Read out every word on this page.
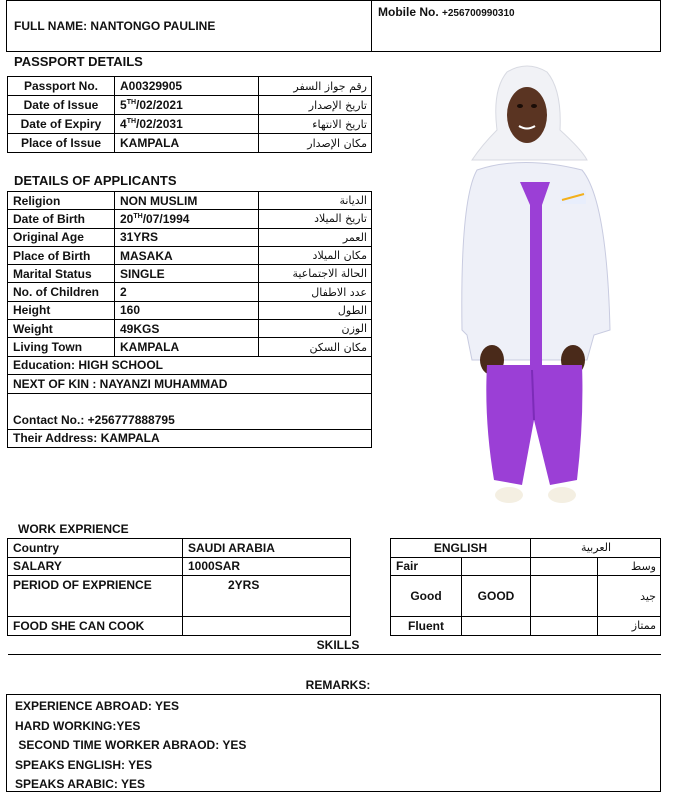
FULL NAME: NANTONGO PAULINE
Mobile No. +256700990310
PASSPORT DETAILS
Passport No.	A00329905	رقم جواز السفر
Date of Issue	5TH/02/2021	تاريخ الإصدار
Date of Expiry	4TH/02/2031	تاريخ الانتهاء
Place of Issue	KAMPALA	مكان الإصدار
DETAILS OF APPLICANTS
Religion	NON MUSLIM	الديانة
Date of Birth	20TH/07/1994	تاريخ الميلاد
Original Age	31YRS	العمر
Place of Birth	MASAKA	مكان الميلاد
Marital Status	SINGLE	الحالة الاجتماعية
No. of Children	2	عدد الاطفال
Height	160	الطول
Weight	49KGS	الوزن
Living Town	KAMPALA	مكان السكن
Education: HIGH SCHOOL		
NEXT OF KIN : NAYANZI MUHAMMAD		
Contact No.: +256777888795		
Their Address: KAMPALA		
WORK EXPRIENCE
Country	SAUDI ARABIA
SALARY	1000SAR
PERIOD OF EXPRIENCE	2YRS
FOOD SHE CAN COOK	
ENGLISH		العربية	
Fair			وسط
Good	GOOD		جيد
Fluent			ممتاز
SKILLS
REMARKS:
EXPERIENCE ABROAD: YES
HARD WORKING:YES
SECOND TIME WORKER ABRAOD: YES
SPEAKS ENGLISH: YES
SPEAKS ARABIC: YES
